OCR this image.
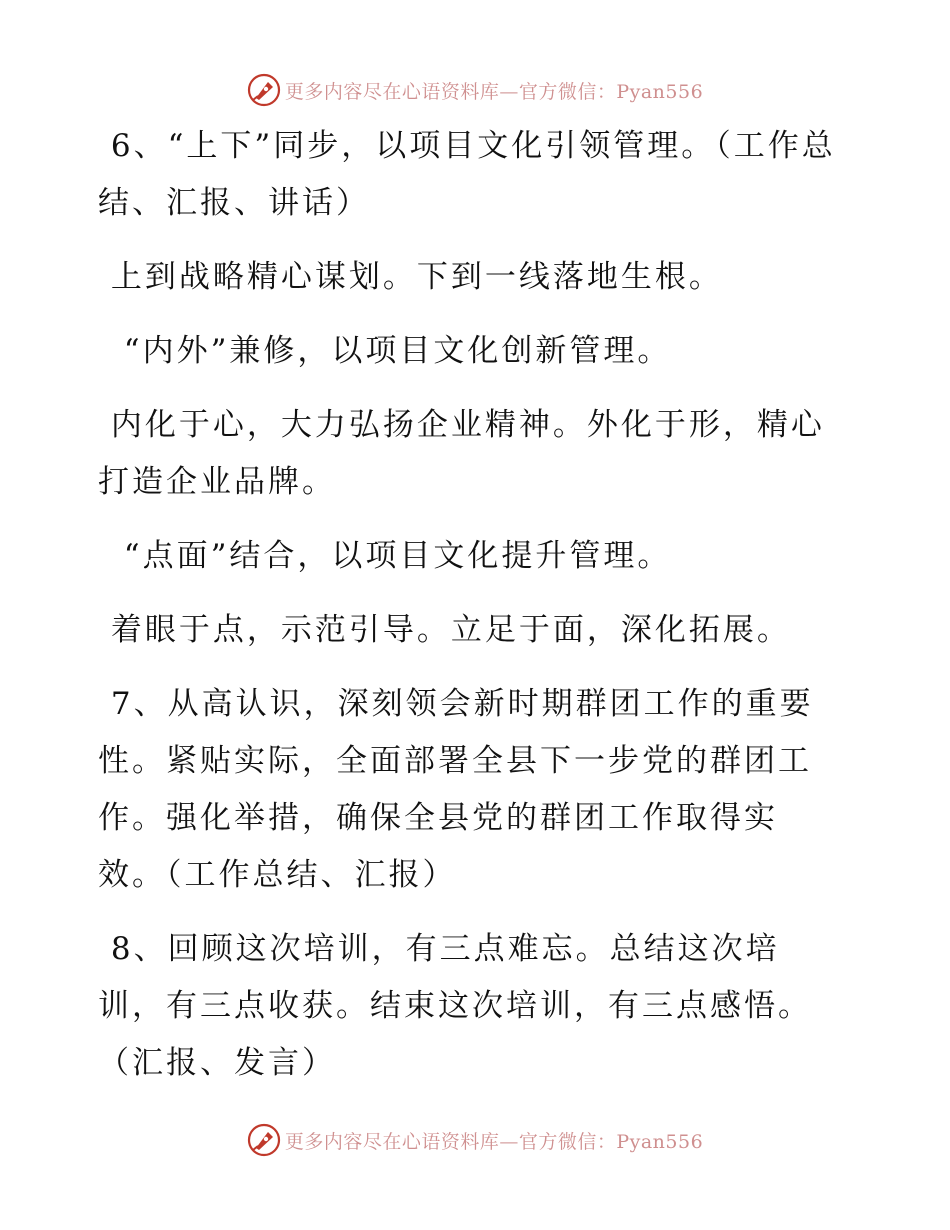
更多内容尽在心语资料库—官方微信：Pyan556

6、“上下”同步，以项目文化引领管理。（工作总结、汇报、讲话）

上到战略精心谋划。下到一线落地生根。

“内外”兼修，以项目文化创新管理。

内化于心，大力弘扬企业精神。外化于形，精心打造企业品牌。

“点面”结合，以项目文化提升管理。

着眼于点，示范引导。立足于面，深化拓展。

7、从高认识，深刻领会新时期群团工作的重要性。紧贴实际，全面部署全县下一步党的群团工作。强化举措，确保全县党的群团工作取得实效。（工作总结、汇报）

8、回顾这次培训，有三点难忘。总结这次培训，有三点收获。结束这次培训，有三点感悟。（汇报、发言）

更多内容尽在心语资料库—官方微信：Pyan556
